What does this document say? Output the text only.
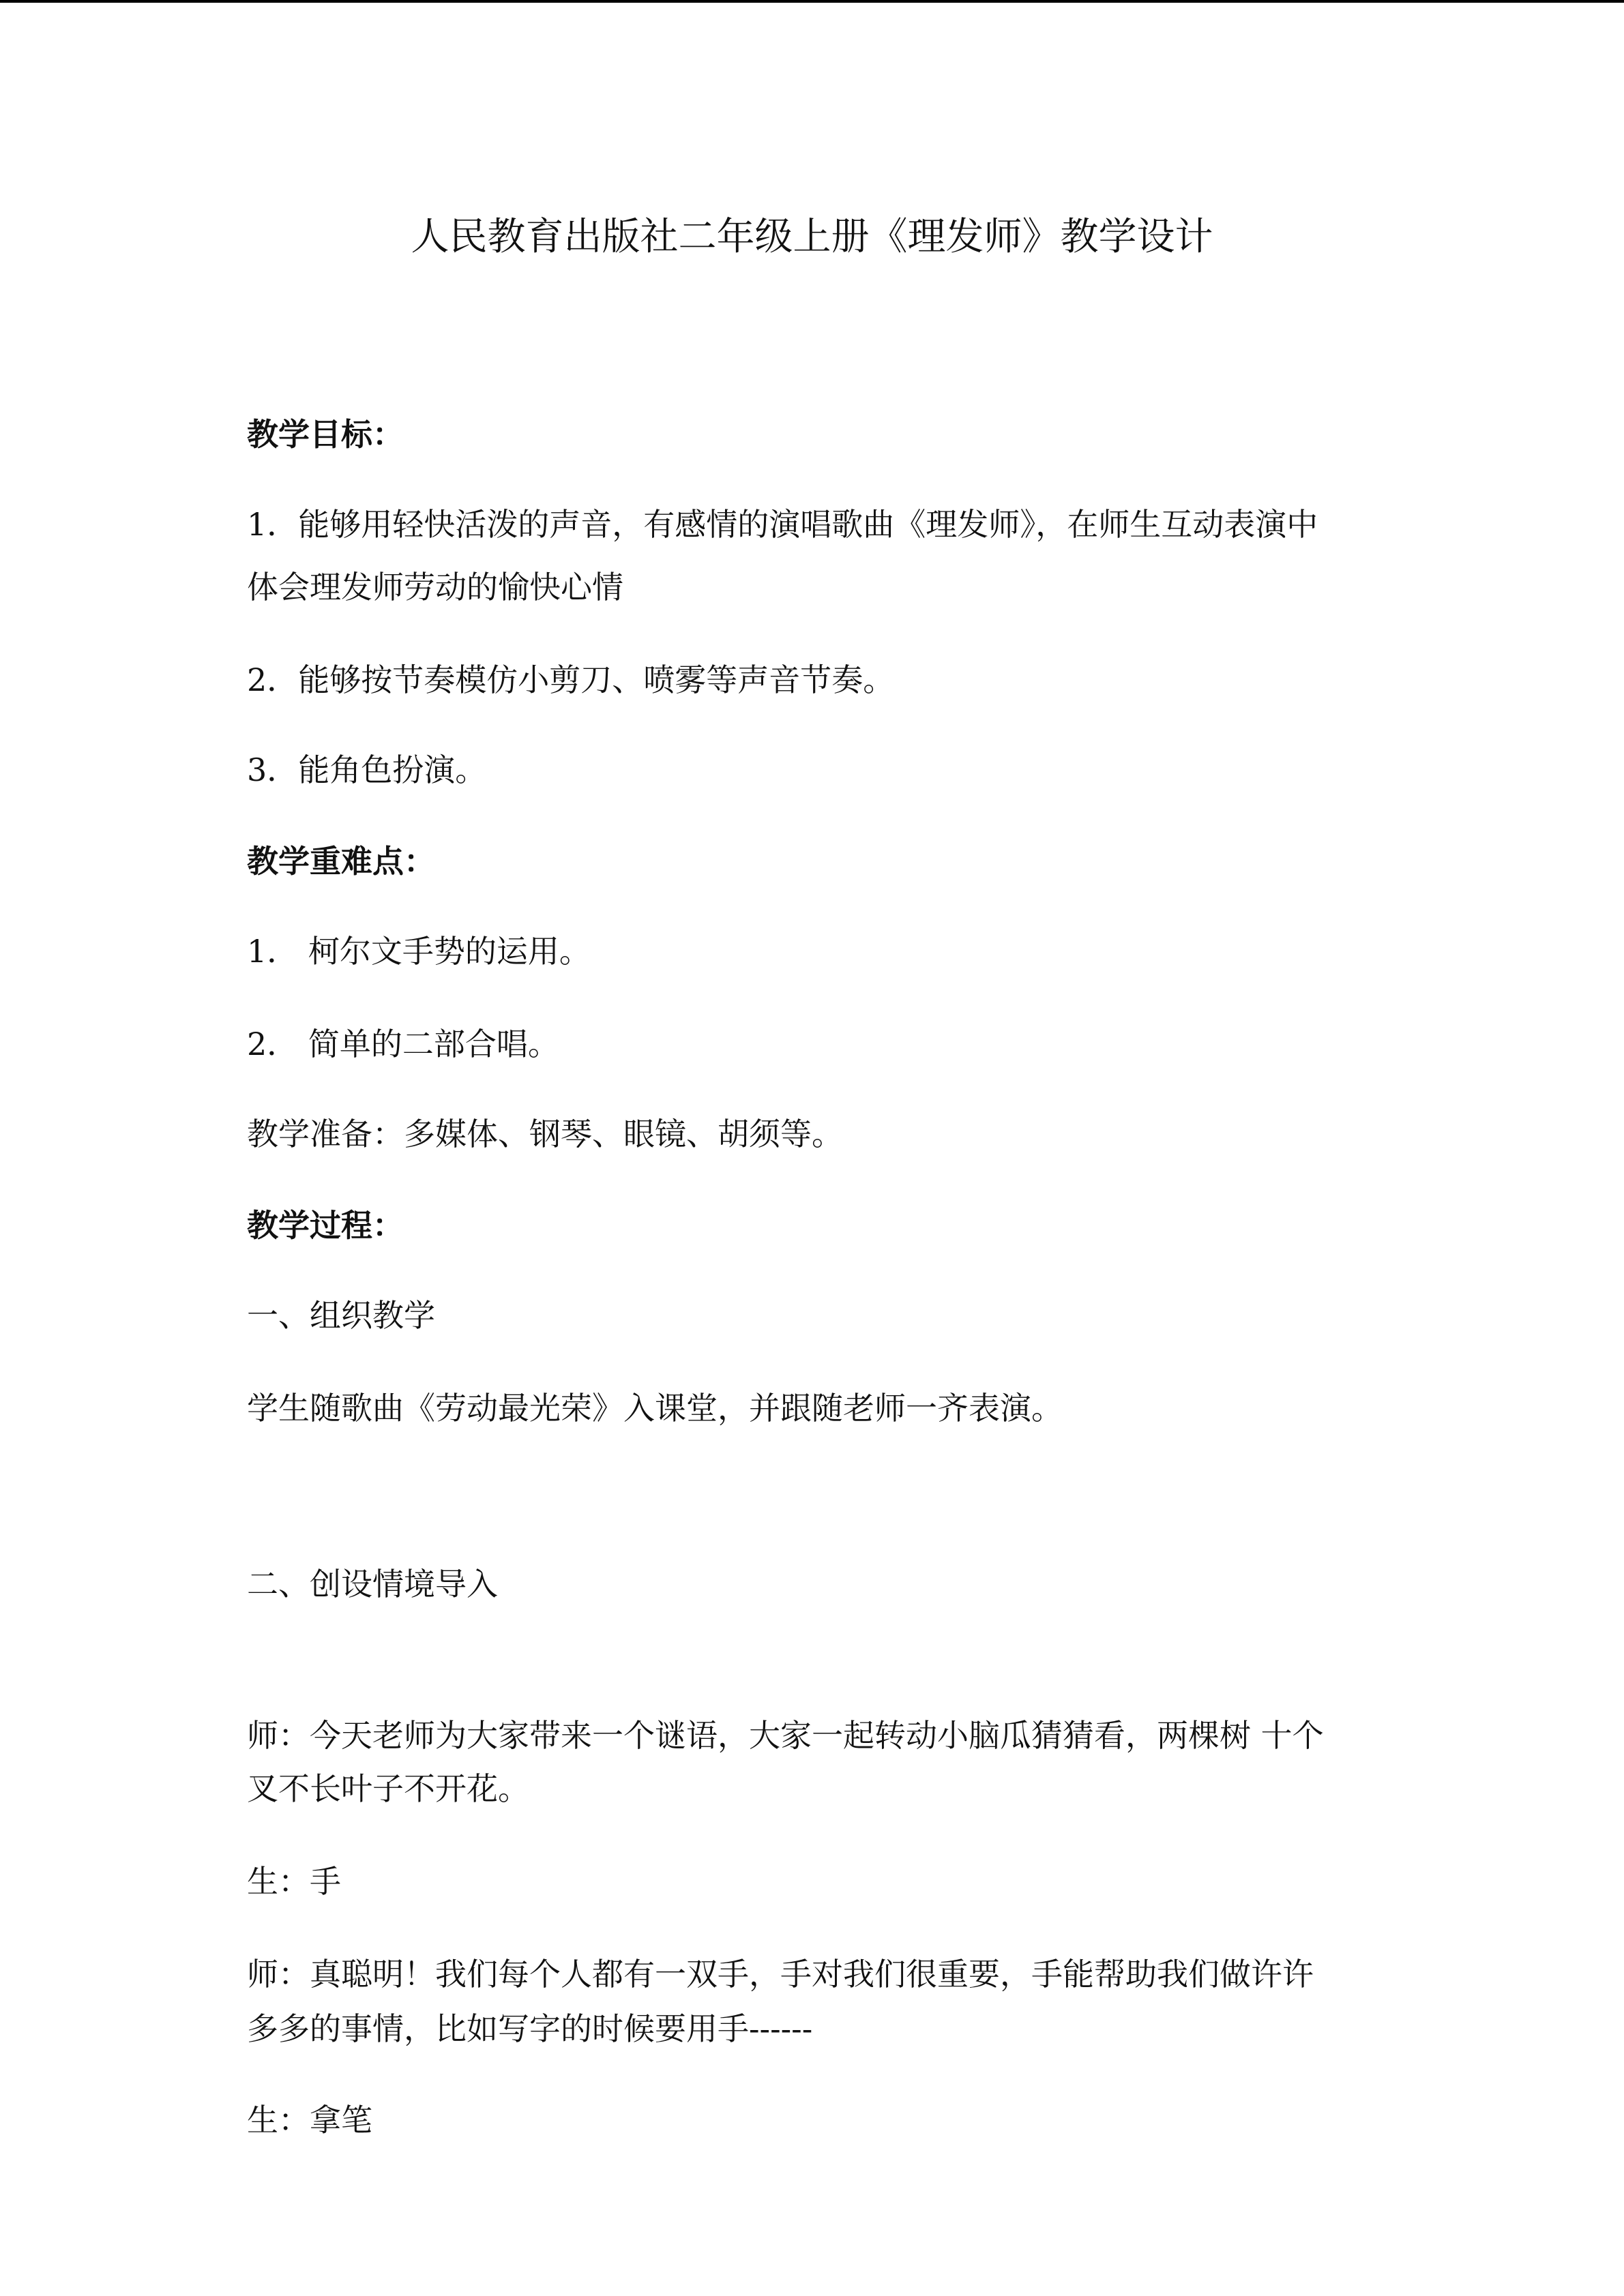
人民教育出版社二年级上册《理发师》教学设计
教学目标：
1．能够用轻快活泼的声音，有感情的演唱歌曲《理发师》，在师生互动表演中
体会理发师劳动的愉快心情
2．能够按节奏模仿小剪刀、喷雾等声音节奏。
3．能角色扮演。
教学重难点：
1． 柯尔文手势的运用。
2． 简单的二部合唱。
教学准备：多媒体、钢琴、眼镜、胡须等。
教学过程：
一、组织教学
学生随歌曲《劳动最光荣》入课堂，并跟随老师一齐表演。
二、创设情境导入
师：今天老师为大家带来一个谜语，大家一起转动小脑瓜猜猜看，两棵树 十个
叉不长叶子不开花。
生：手
师：真聪明！我们每个人都有一双手，手对我们很重要，手能帮助我们做许许
多多的事情，比如写字的时候要用手------
生：拿笔
